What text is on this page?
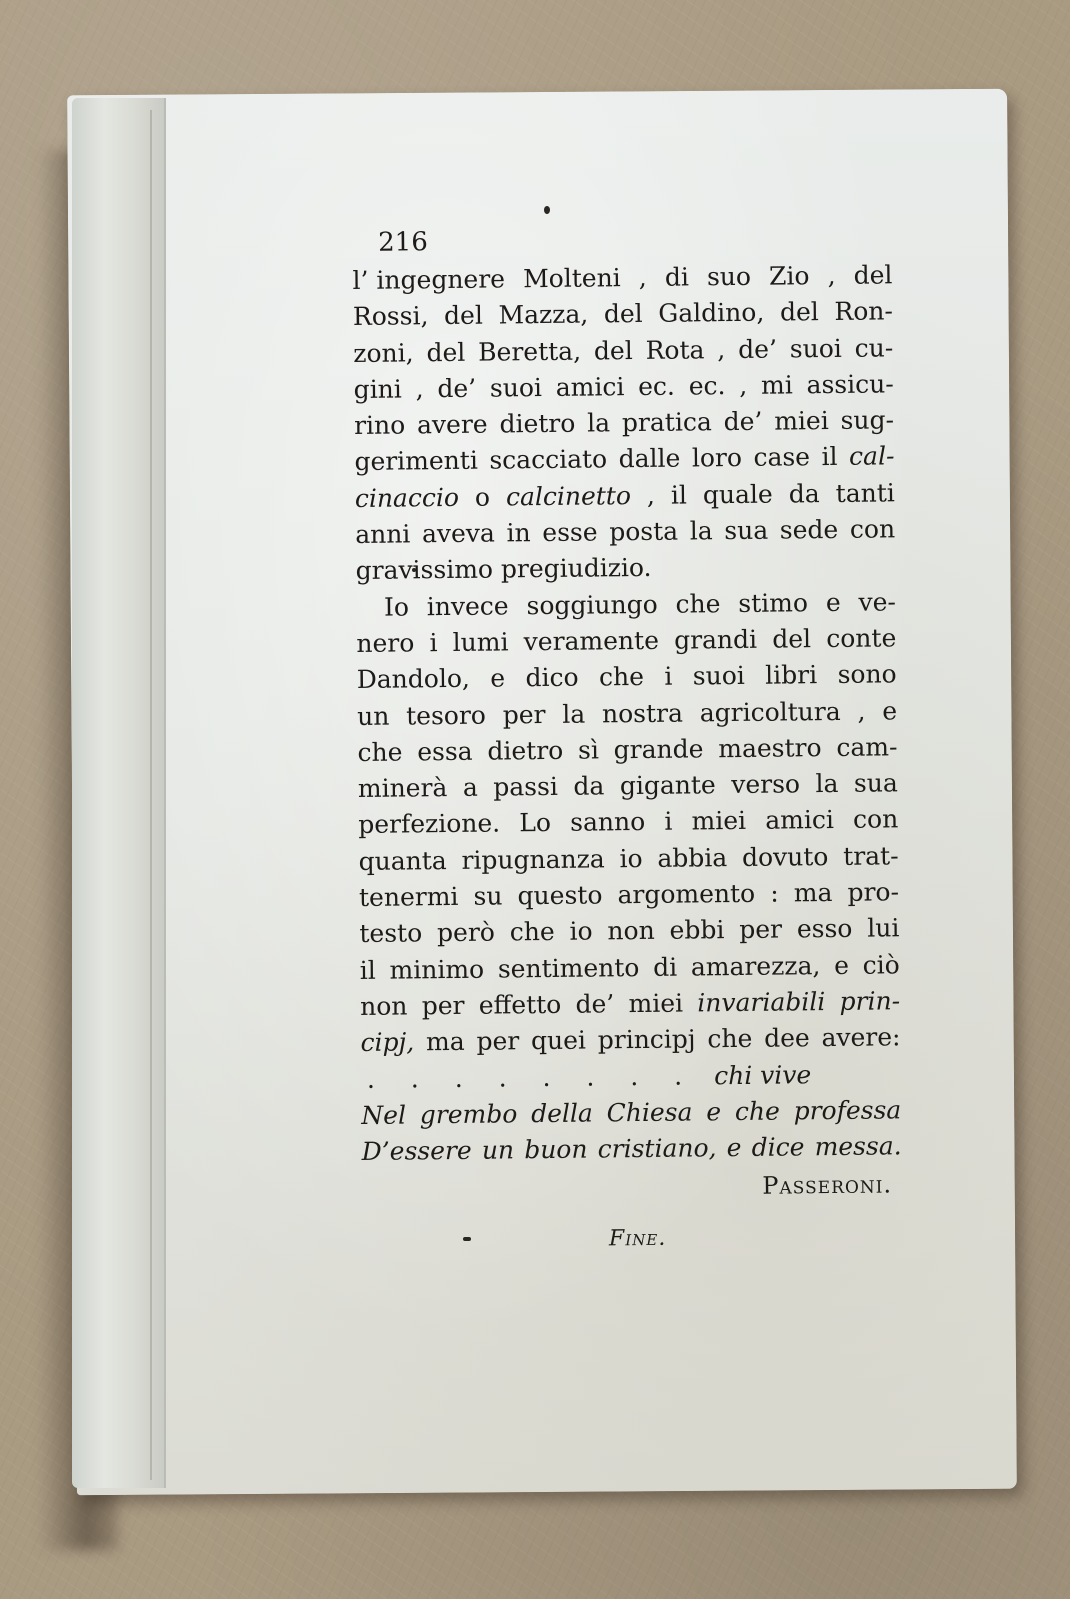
216
l’ ingegnere Molteni , di suo Zio , del
Rossi, del Mazza, del Galdino, del Ron-
zoni, del Beretta, del Rota , de’ suoi cu-
gini , de’ suoi amici ec. ec. , mi assicu-
rino avere dietro la pratica de’ miei sug-
gerimenti scacciato dalle loro case il cal-
cinaccio o calcinetto , il quale da tanti
anni aveva in esse posta la sua sede con
gravissimo pregiudizio.
Io invece soggiungo che stimo e ve-
nero i lumi veramente grandi del conte
Dandolo, e dico che i suoi libri sono
un tesoro per la nostra agricoltura , e
che essa dietro sì grande maestro cam-
minerà a passi da gigante verso la sua
perfezione. Lo sanno i miei amici con
quanta ripugnanza io abbia dovuto trat-
tenermi su questo argomento : ma pro-
testo però che io non ebbi per esso lui
il minimo sentimento di amarezza, e ciò
non per effetto de’ miei invariabili prin-
cipj, ma per quei principj che dee avere:
. . . . . . . . chi vive
Nel grembo della Chiesa e che professa
D’essere un buon cristiano, e dice messa.
Passeroni.
Fine.
